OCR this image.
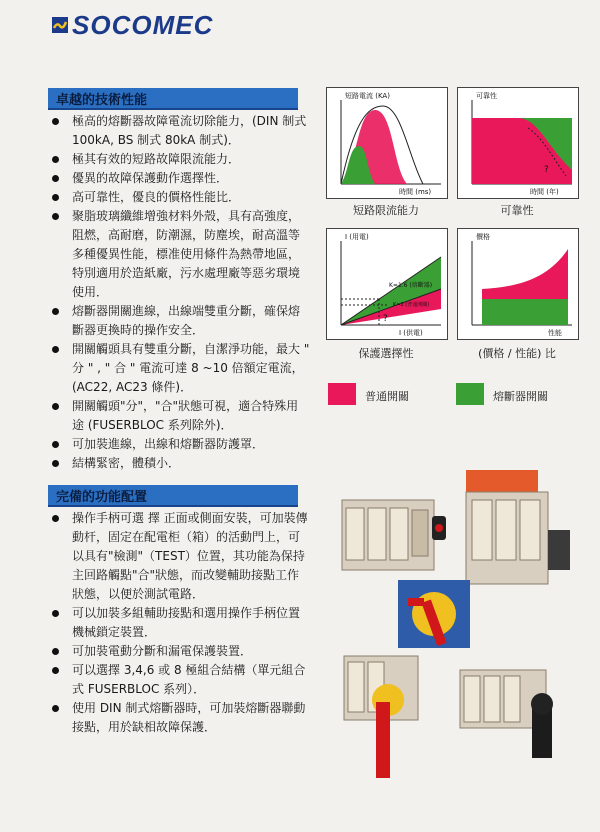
SOCOMEC
卓越的技術性能
極高的熔斷器故障電流切除能力，(DIN 制式 100kA, BS 制式 80kA 制式)．
極其有效的短路故障限流能力．
優異的故障保護動作選擇性．
高可靠性，優良的價格性能比．
聚脂玻璃纖維增強材料外殼，具有高強度，阻燃，高耐磨，防潮濕，防塵埃，耐高溫等多種優異性能，標准使用條件為熱帶地區，特別適用於造紙廠，污水處理廠等惡劣環境使用．
熔斷器開關進線，出線端雙重分斷，確保熔斷器更換時的操作安全．
開關觸頭具有雙重分斷，自潔淨功能，最大 " 分 " , " 合 " 電流可達 8 ~10 倍額定電流，(AC22, AC23 條件)．
開關觸頭"分"，"合"狀態可視，適合特殊用途 (FUSERBLOC 系列除外)．
可加裝進線，出線和熔斷器防護罩．
結構緊密，體積小．
完備的功能配置
操作手柄可選 擇 正面或側面安裝，可加裝傳動杆，固定在配電柜（箱）的活動門上，可以具有"檢測"（TEST）位置，其功能為保持主回路觸點"合"狀態，而改變輔助接點工作狀態，以便於測試電路．
可以加裝多組輔助接點和選用操作手柄位置機械鎖定裝置．
可加裝電動分斷和漏電保護裝置．
可以選擇 3,4,6 或 8 極組合結構（單元組合式 FUSERBLOC 系列）．
使用 DIN 制式熔斷器時，可加裝熔斷器聯動接點，用於缺相故障保護．
短路電流 (KA)
時間 (ms)
短路限流能力
?
可靠性
時間 (年)
可靠性
K=1.6 (熔斷器)
K=2 (普通開關)
?
I (用電)
I (供電)
保護選擇性
價格
性能
(價格 / 性能) 比
普通開關	熔斷器開關
